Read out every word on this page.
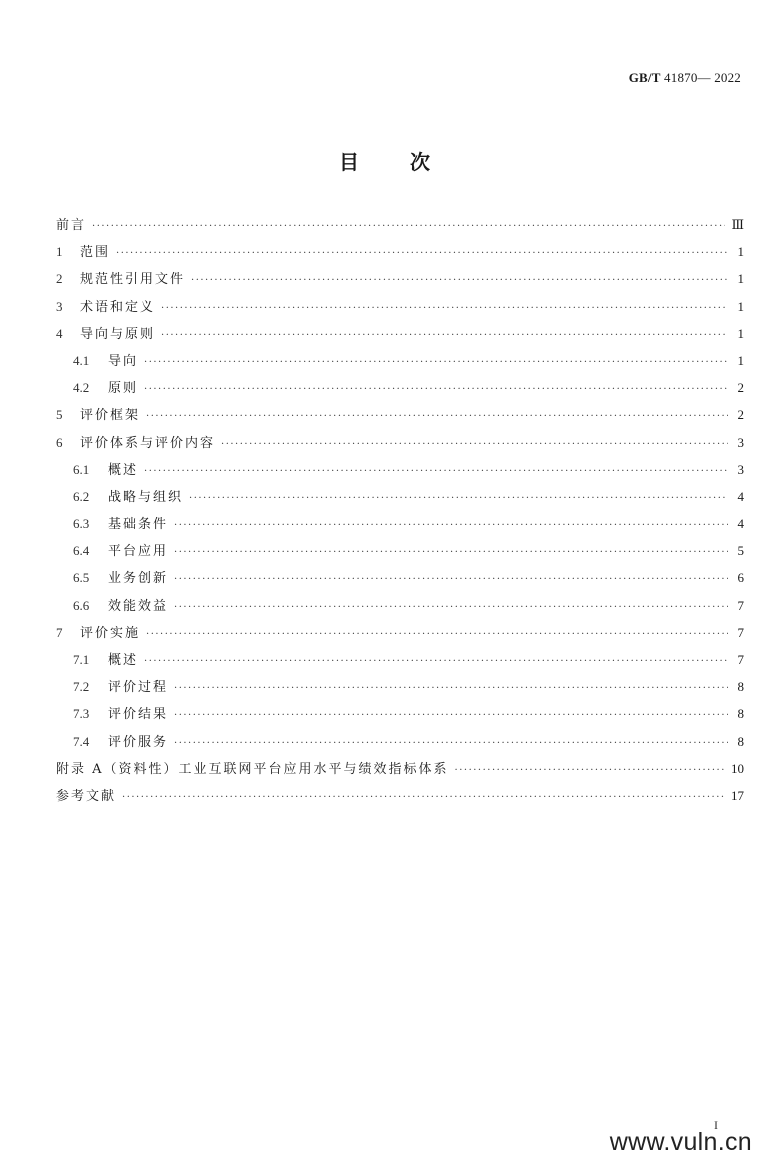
GB/T 41870— 2022
目	次
前言 ·····	Ⅲ
1	范围 ·····	1
2	规范性引用文件 ·····	1
3	术语和定义 ·····	1
4	导向与原则 ·····	1
4.1	导向 ·····	1
4.2	原则 ·····	2
5	评价框架 ·····	2
6	评价体系与评价内容 ·····	3
6.1	概述 ·····	3
6.2	战略与组织 ·····	4
6.3	基础条件 ·····	4
6.4	平台应用 ·····	5
6.5	业务创新 ·····	6
6.6	效能效益 ·····	7
7	评价实施 ·····	7
7.1	概述 ·····	7
7.2	评价过程 ·····	8
7.3	评价结果 ·····	8
7.4	评价服务 ·····	8
附录 A（资料性）工业互联网平台应用水平与绩效指标体系 ·····	10
参考文献 ·····	17
I
www.vuln.cn
